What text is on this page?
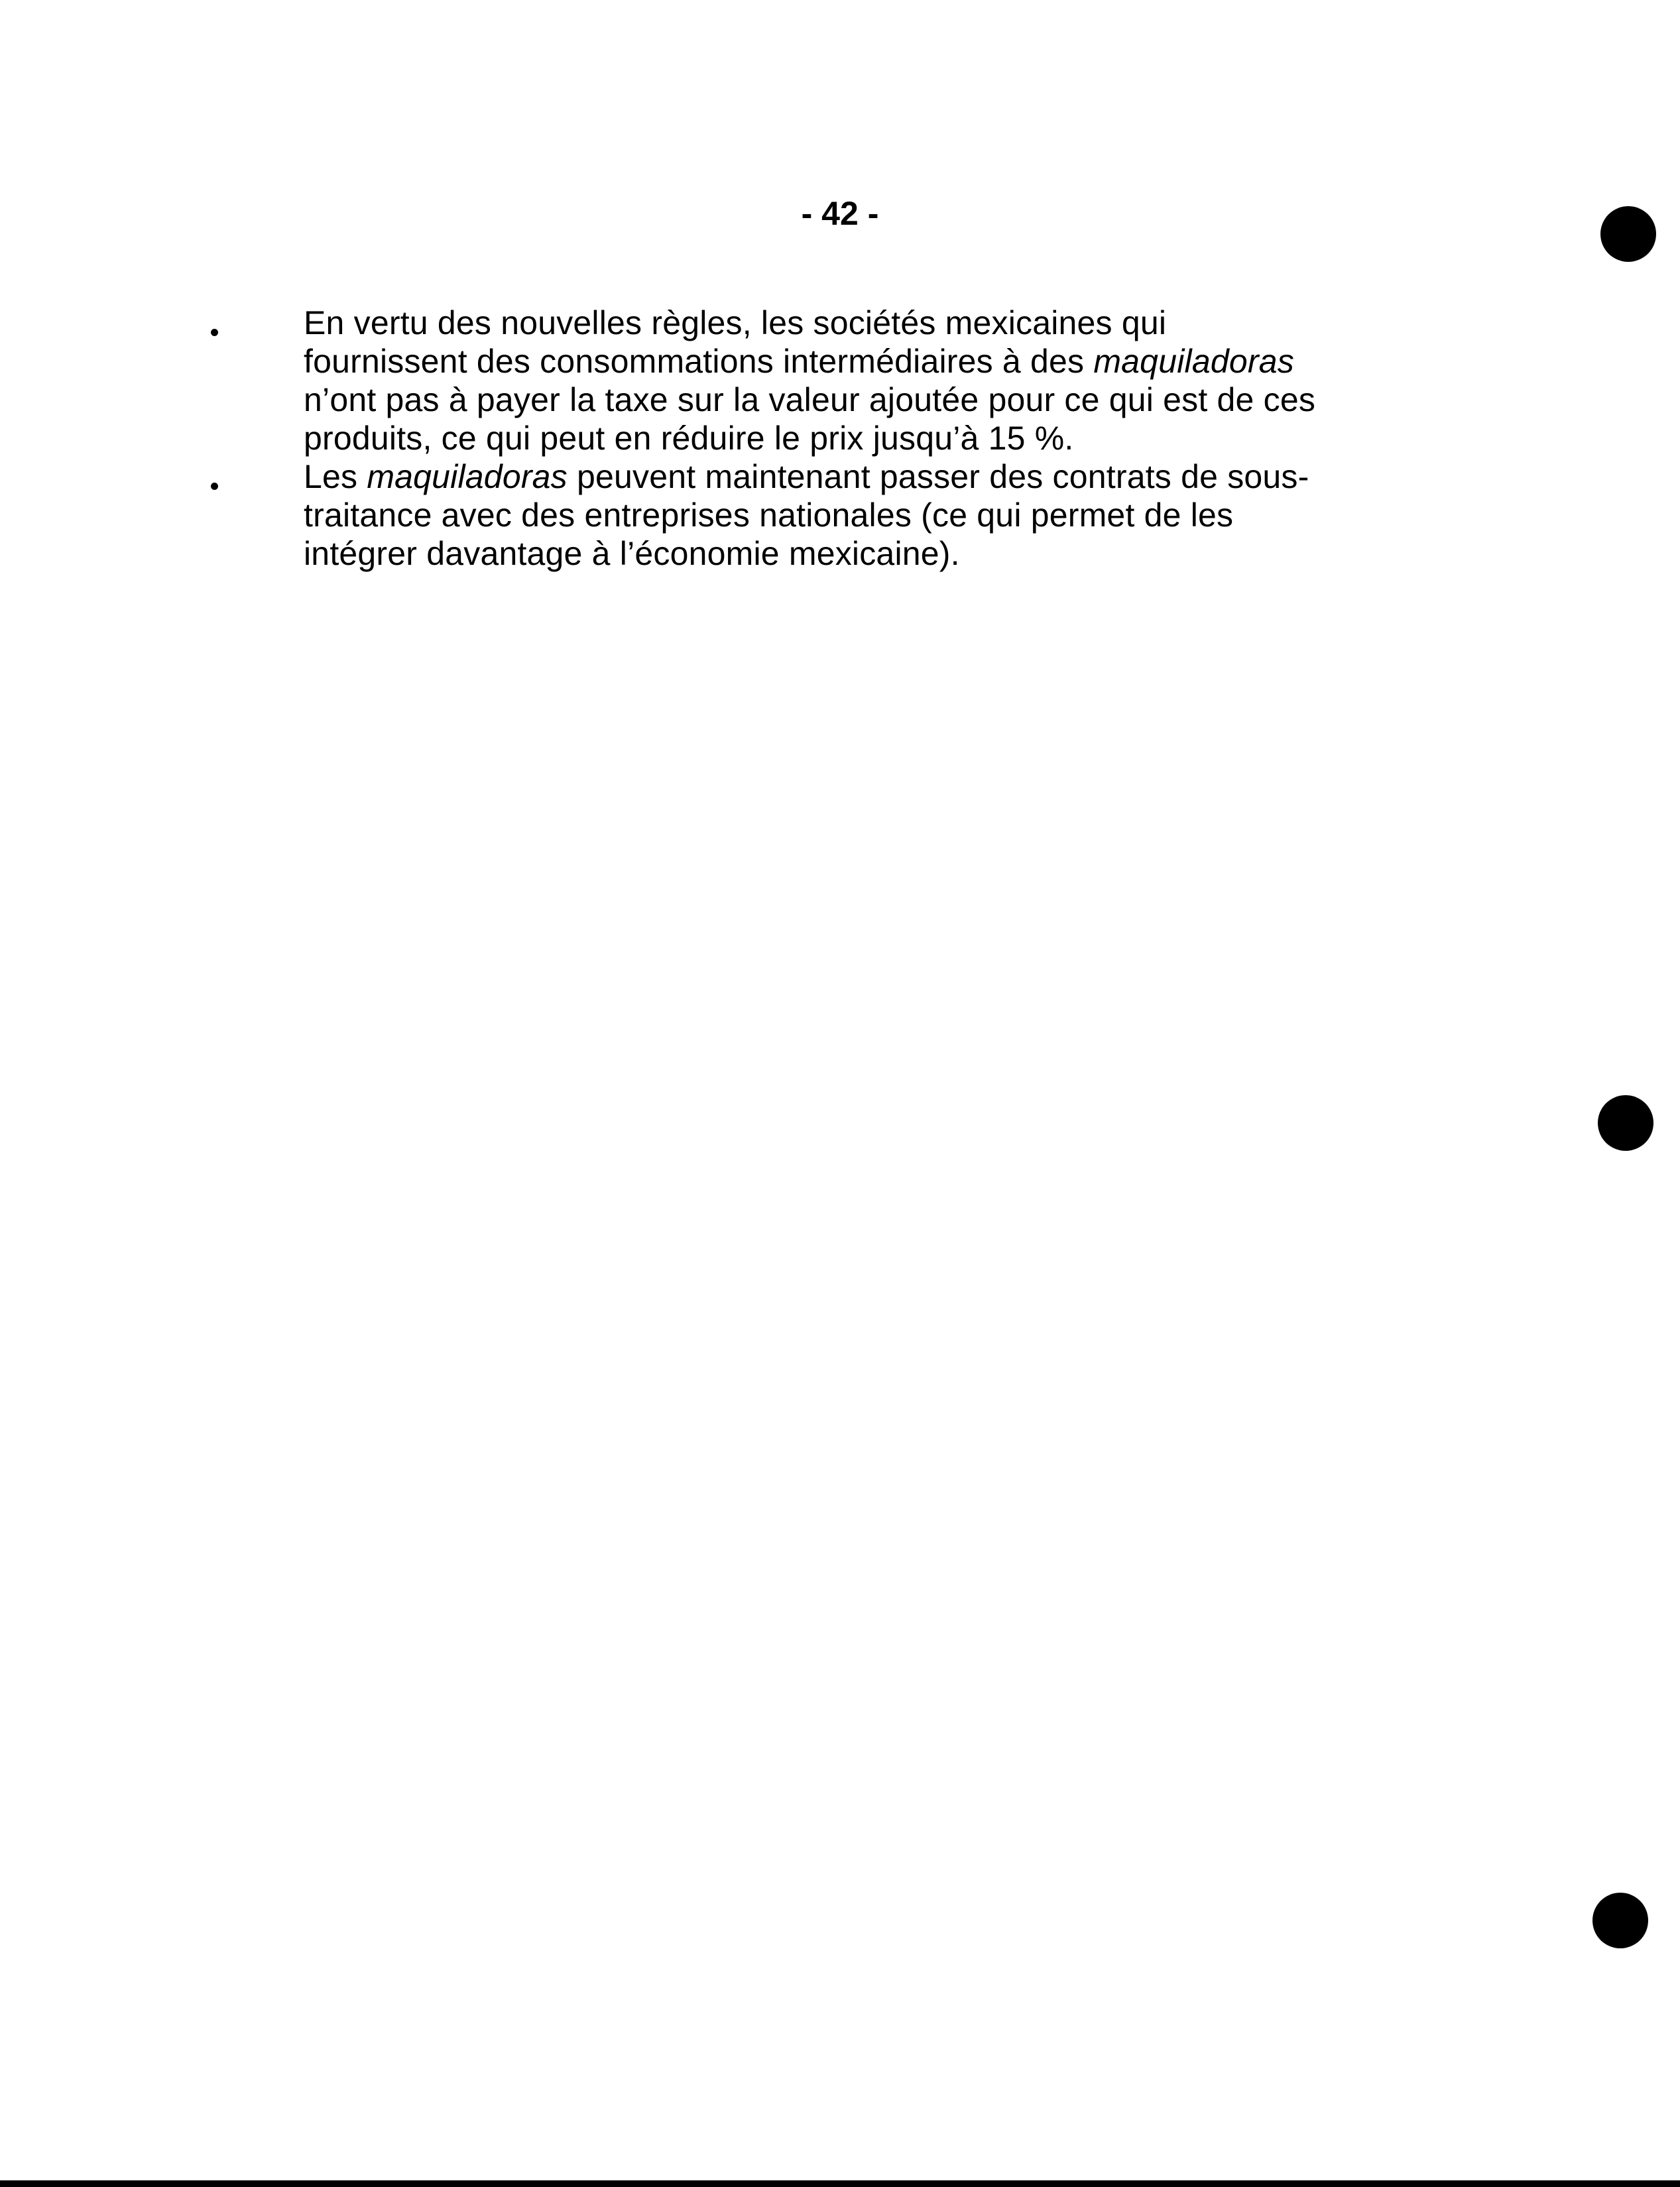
- 42 -
En vertu des nouvelles règles, les sociétés mexicaines qui
fournissent des consommations intermédiaires à des maquiladoras
n’ont pas à payer la taxe sur la valeur ajoutée pour ce qui est de ces
produits, ce qui peut en réduire le prix jusqu’à 15 %.
Les maquiladoras peuvent maintenant passer des contrats de sous-
traitance avec des entreprises nationales (ce qui permet de les
intégrer davantage à l’économie mexicaine).
